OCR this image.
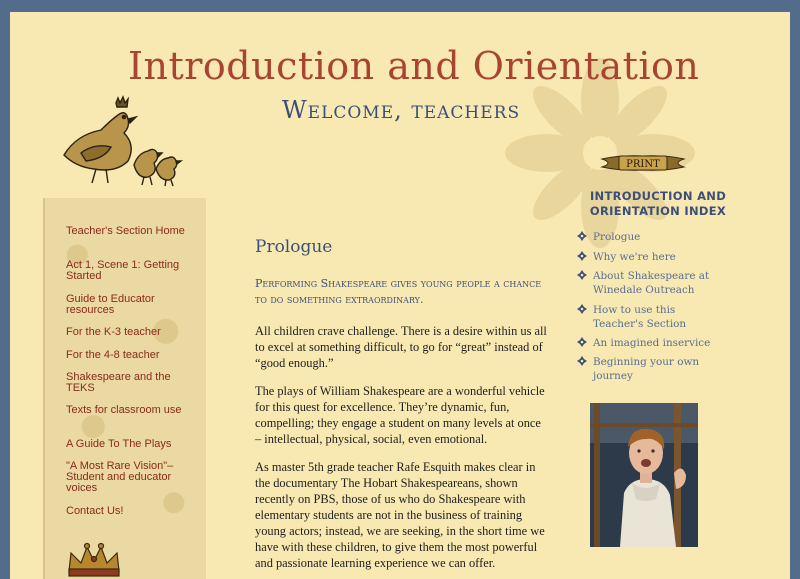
Introduction and Orientation
Welcome, teachers
Teacher's Section Home
Act 1, Scene 1: Getting Started
Guide to Educator resources
For the K-3 teacher
For the 4-8 teacher
Shakespeare and the TEKS
Texts for classroom use
A Guide To The Plays
"A Most Rare Vision"– Student and educator voices
Contact Us!
Prologue

Performing Shakespeare gives young people a chance to do something extraordinary.

All children crave challenge. There is a desire within us all to excel at something difficult, to go for “great” instead of “good enough.”

The plays of William Shakespeare are a wonderful vehicle for this quest for excellence. They’re dynamic, fun, compelling; they engage a student on many levels at once – intellectual, physical, social, even emotional.

As master 5th grade teacher Rafe Esquith makes clear in the documentary The Hobart Shakespeareans, shown recently on PBS, those of us who do Shakespeare with elementary students are not in the business of training young actors; instead, we are seeking, in the short time we have with these children, to give them the most powerful and passionate learning experience we can offer.

PRINT
INTRODUCTION AND ORIENTATION INDEX
Prologue
Why we're here
About Shakespeare at Winedale Outreach
How to use this Teacher's Section
An imagined inservice
Beginning your own journey
